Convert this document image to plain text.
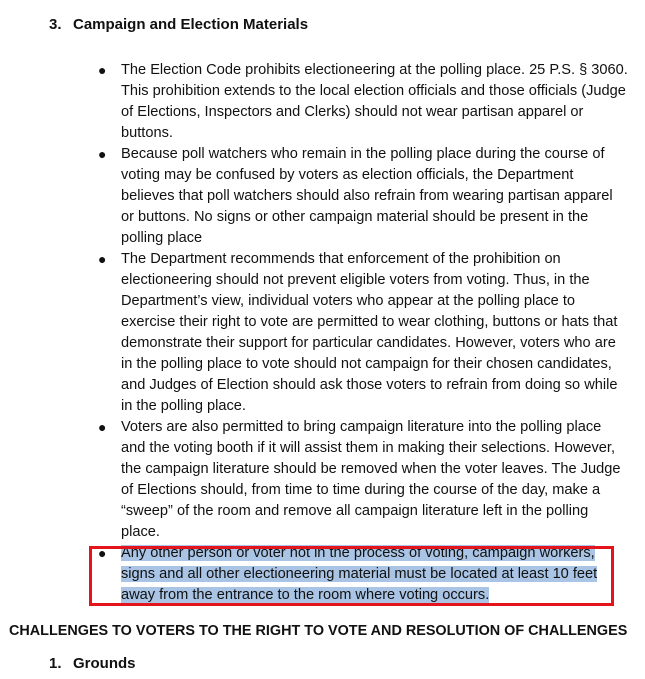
3. Campaign and Election Materials
● The Election Code prohibits electioneering at the polling place. 25 P.S. § 3060. This prohibition extends to the local election officials and those officials (Judge of Elections, Inspectors and Clerks) should not wear partisan apparel or buttons.
● Because poll watchers who remain in the polling place during the course of voting may be confused by voters as election officials, the Department believes that poll watchers should also refrain from wearing partisan apparel or buttons. No signs or other campaign material should be present in the polling place
● The Department recommends that enforcement of the prohibition on electioneering should not prevent eligible voters from voting. Thus, in the Department’s view, individual voters who appear at the polling place to exercise their right to vote are permitted to wear clothing, buttons or hats that demonstrate their support for particular candidates. However, voters who are in the polling place to vote should not campaign for their chosen candidates, and Judges of Election should ask those voters to refrain from doing so while in the polling place.
● Voters are also permitted to bring campaign literature into the polling place and the voting booth if it will assist them in making their selections. However, the campaign literature should be removed when the voter leaves. The Judge of Elections should, from time to time during the course of the day, make a “sweep” of the room and remove all campaign literature left in the polling place.
● Any other person or voter not in the process of voting, campaign workers, signs and all other electioneering material must be located at least 10 feet away from the entrance to the room where voting occurs.
CHALLENGES TO VOTERS TO THE RIGHT TO VOTE AND RESOLUTION OF CHALLENGES
1. Grounds
